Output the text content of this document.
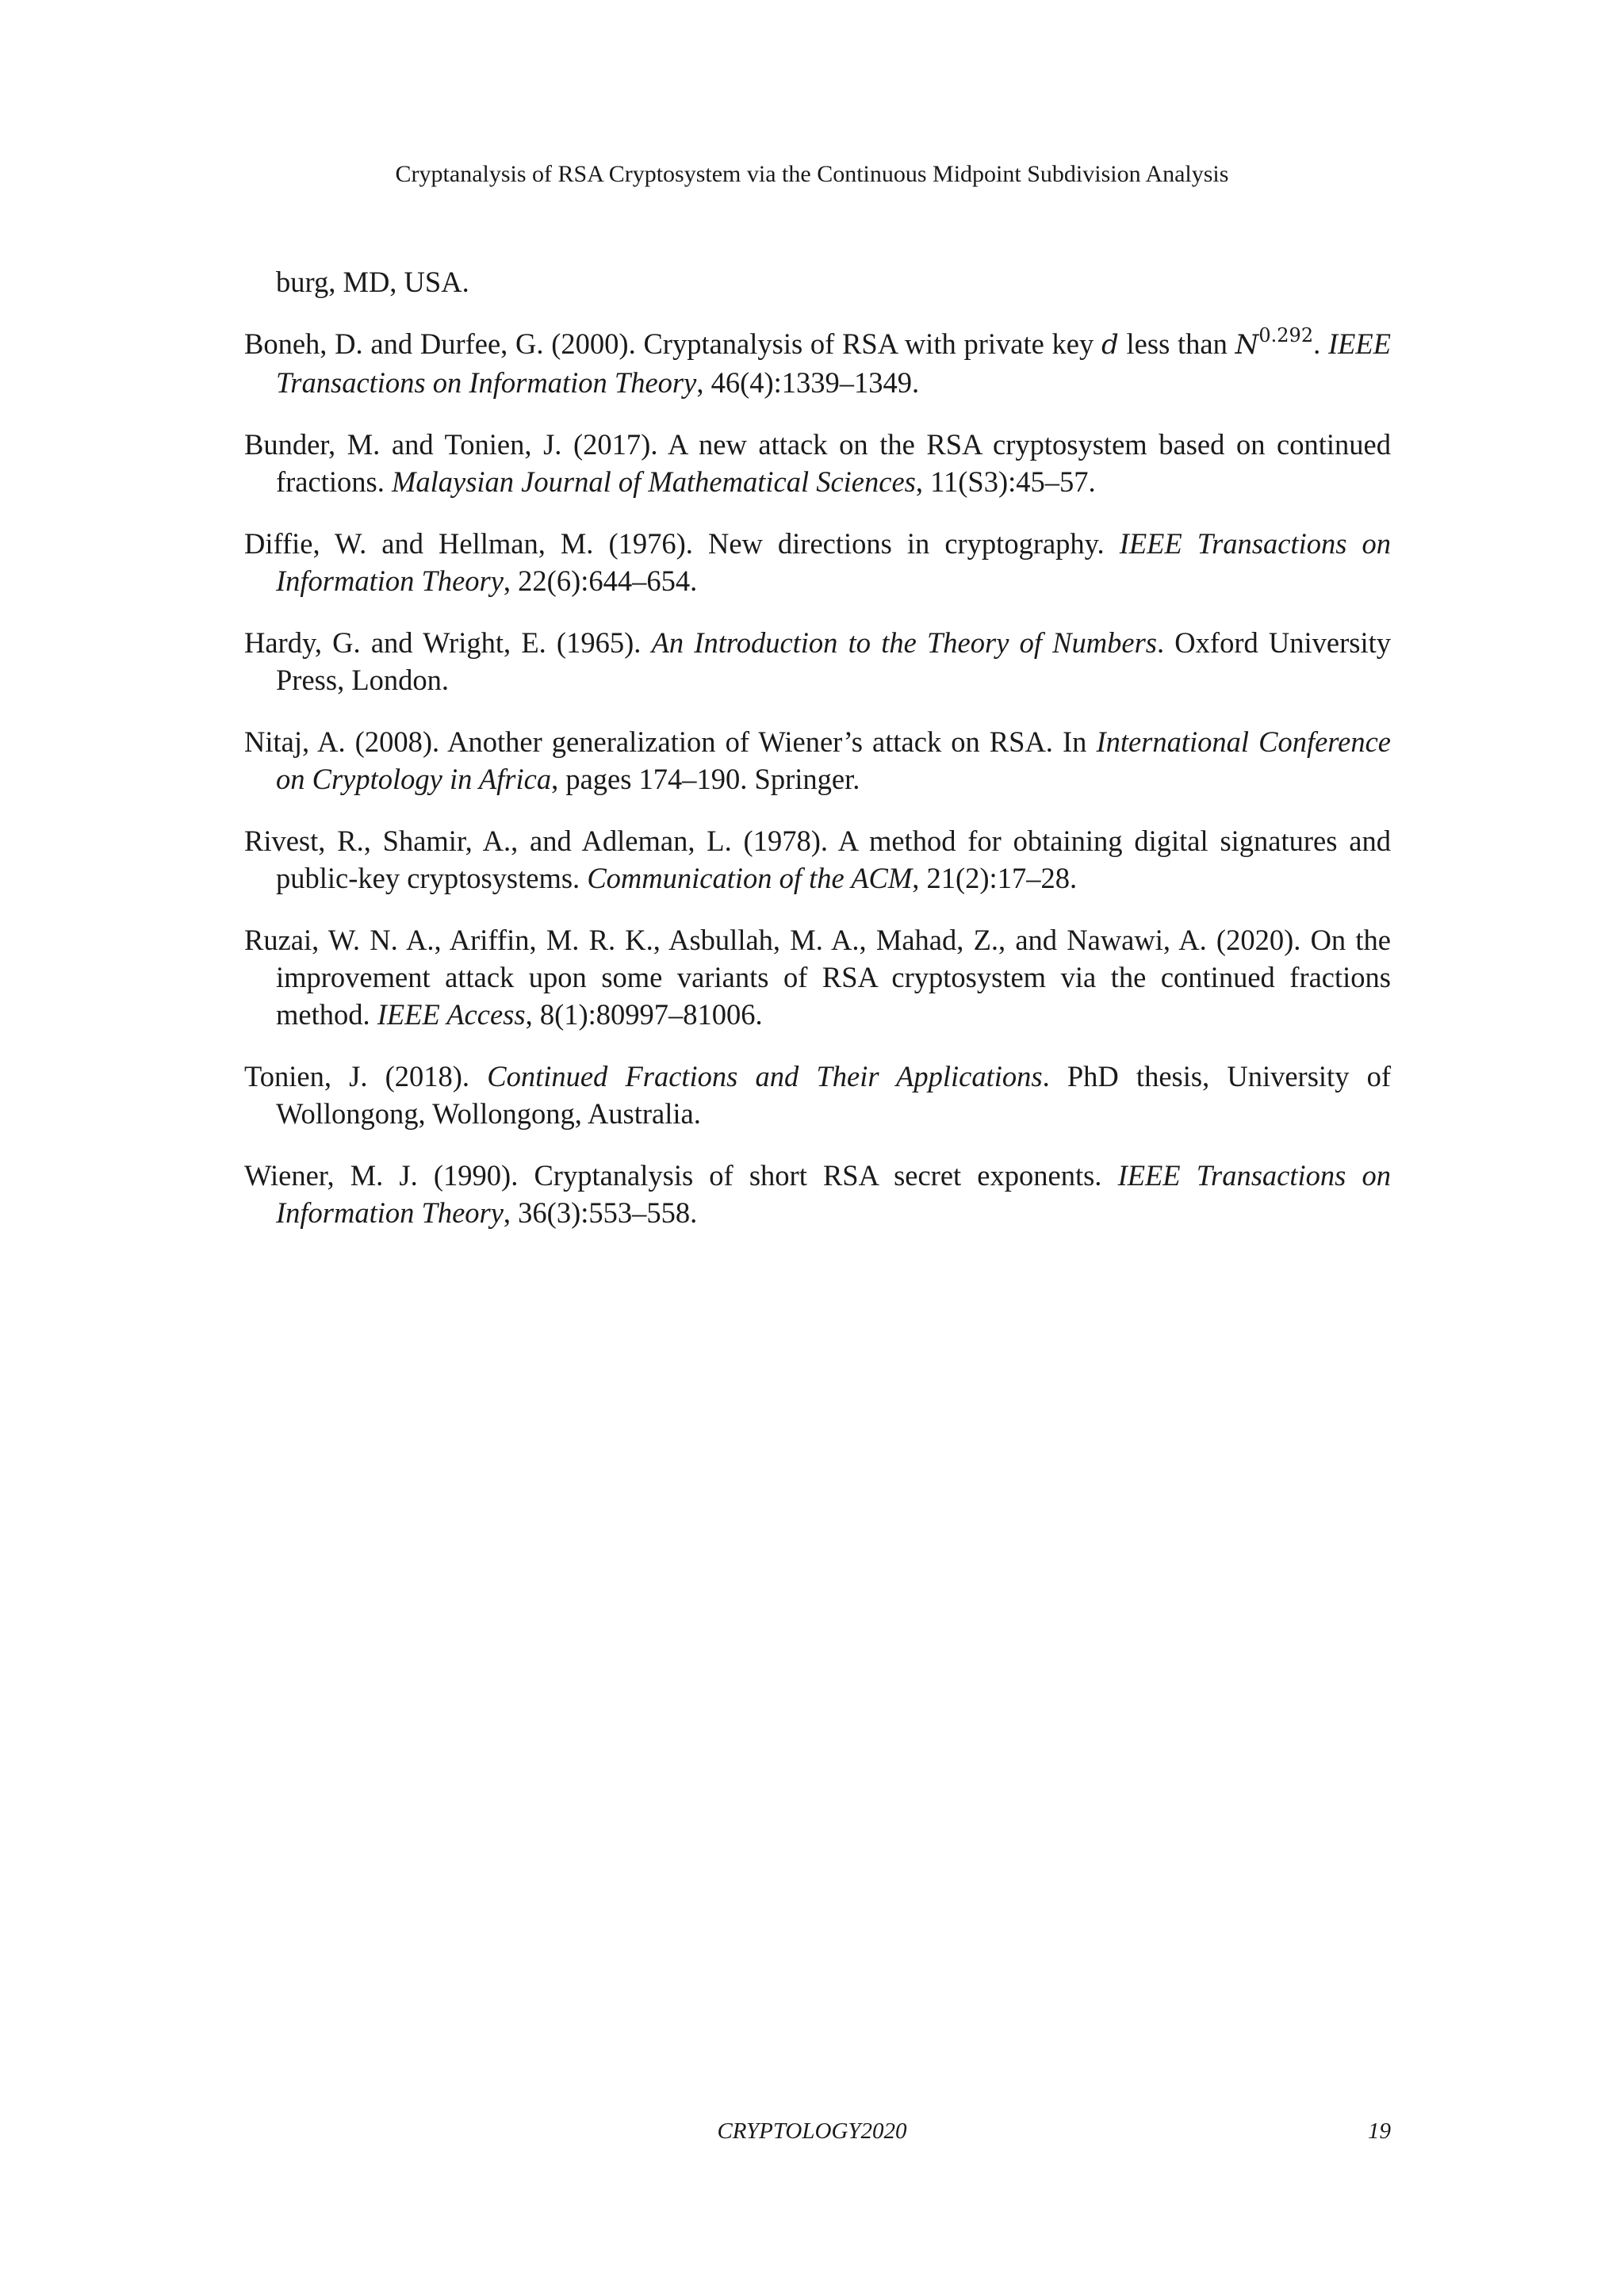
Cryptanalysis of RSA Cryptosystem via the Continuous Midpoint Subdivision Analysis

burg, MD, USA.

Boneh, D. and Durfee, G. (2000). Cryptanalysis of RSA with private key d less than $N^{0.292}$. IEEE Transactions on Information Theory, 46(4):1339–1349.

Bunder, M. and Tonien, J. (2017). A new attack on the RSA cryptosystem based on continued fractions. Malaysian Journal of Mathematical Sciences, 11(S3):45–57.

Diffie, W. and Hellman, M. (1976). New directions in cryptography. IEEE Transactions on Information Theory, 22(6):644–654.

Hardy, G. and Wright, E. (1965). An Introduction to the Theory of Numbers. Oxford University Press, London.

Nitaj, A. (2008). Another generalization of Wiener’s attack on RSA. In International Conference on Cryptology in Africa, pages 174–190. Springer.

Rivest, R., Shamir, A., and Adleman, L. (1978). A method for obtaining digital signatures and public-key cryptosystems. Communication of the ACM, 21(2):17–28.

Ruzai, W. N. A., Ariffin, M. R. K., Asbullah, M. A., Mahad, Z., and Nawawi, A. (2020). On the improvement attack upon some variants of RSA cryptosystem via the continued fractions method. IEEE Access, 8(1):80997–81006.

Tonien, J. (2018). Continued Fractions and Their Applications. PhD thesis, University of Wollongong, Wollongong, Australia.

Wiener, M. J. (1990). Cryptanalysis of short RSA secret exponents. IEEE Transactions on Information Theory, 36(3):553–558.

CRYPTOLOGY2020	19
